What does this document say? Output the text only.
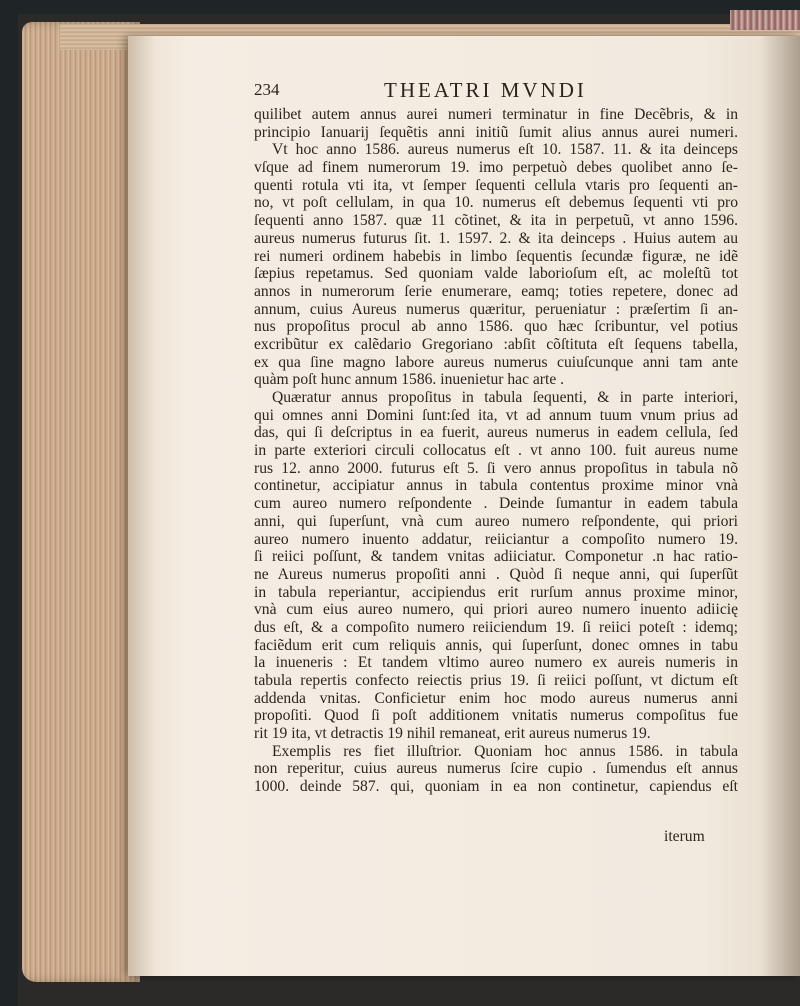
234	THEATRI MVNDI
quilibet autem annus aurei numeri terminatur in fine Decẽbris, & in
principio Ianuarij ſequẽtis anni initiũ ſumit alius annus aurei numeri.
Vt hoc anno 1586. aureus numerus eſt 10. 1587. 11. & ita deinceps
vſque ad finem numerorum 19. imo perpetuò debes quolibet anno ſe-
quenti rotula vti ita, vt ſemper ſequenti cellula vtaris pro ſequenti an-
no, vt poſt cellulam, in qua 10. numerus eſt debemus ſequenti vti pro
ſequenti anno 1587. quæ 11 cõtinet, & ita in perpetuũ, vt anno 1596.
aureus numerus futurus ſit. 1. 1597. 2. & ita deinceps . Huius autem au
rei numeri ordinem habebis in limbo ſequentis ſecundæ figuræ, ne idẽ
ſæpius repetamus. Sed quoniam valde laborioſum eſt, ac moleſtũ tot
annos in numerorum ſerie enumerare, eamq; toties repetere, donec ad
annum, cuius Aureus numerus quæritur, perueniatur : præſertim ſi an-
nus propoſitus procul ab anno 1586. quo hæc ſcribuntur, vel potius
excribũtur ex calẽdario Gregoriano :abſit cõſtituta eſt ſequens tabella,
ex qua ſine magno labore aureus numerus cuiuſcunque anni tam ante
quàm poſt hunc annum 1586. inuenietur hac arte .
Quæratur annus propoſitus in tabula ſequenti, & in parte interiori,
qui omnes anni Domini ſunt:ſed ita, vt ad annum tuum vnum prius ad
das, qui ſi deſcriptus in ea fuerit, aureus numerus in eadem cellula, ſed
in parte exteriori circuli collocatus eſt . vt anno 100. fuit aureus nume
rus 12. anno 2000. futurus eſt 5. ſi vero annus propoſitus in tabula nõ
continetur, accipiatur annus in tabula contentus proxime minor vnà
cum aureo numero reſpondente . Deinde ſumantur in eadem tabula
anni, qui ſuperſunt, vnà cum aureo numero reſpondente, qui priori
aureo numero inuento addatur, reiiciantur a compoſito numero 19.
ſi reiici poſſunt, & tandem vnitas adiiciatur. Componetur .n hac ratio-
ne Aureus numerus propoſiti anni . Quòd ſi neque anni, qui ſuperſũt
in tabula reperiantur, accipiendus erit rurſum annus proxime minor,
vnà cum eius aureo numero, qui priori aureo numero inuento adiicię
dus eſt, & a compoſito numero reiiciendum 19. ſi reiici poteſt : idemq;
faciẽdum erit cum reliquis annis, qui ſuperſunt, donec omnes in tabu
la inueneris : Et tandem vltimo aureo numero ex aureis numeris in
tabula repertis confecto reiectis prius 19. ſi reiici poſſunt, vt dictum eſt
addenda vnitas. Conficietur enim hoc modo aureus numerus anni
propoſiti. Quod ſi poſt additionem vnitatis numerus compoſitus fue
rit 19 ita, vt detractis 19 nihil remaneat, erit aureus numerus 19.
Exemplis res fiet illuſtrior. Quoniam hoc annus 1586. in tabula
non reperitur, cuius aureus numerus ſcire cupio . ſumendus eſt annus
1000. deinde 587. qui, quoniam in ea non continetur, capiendus eſt
iterum
